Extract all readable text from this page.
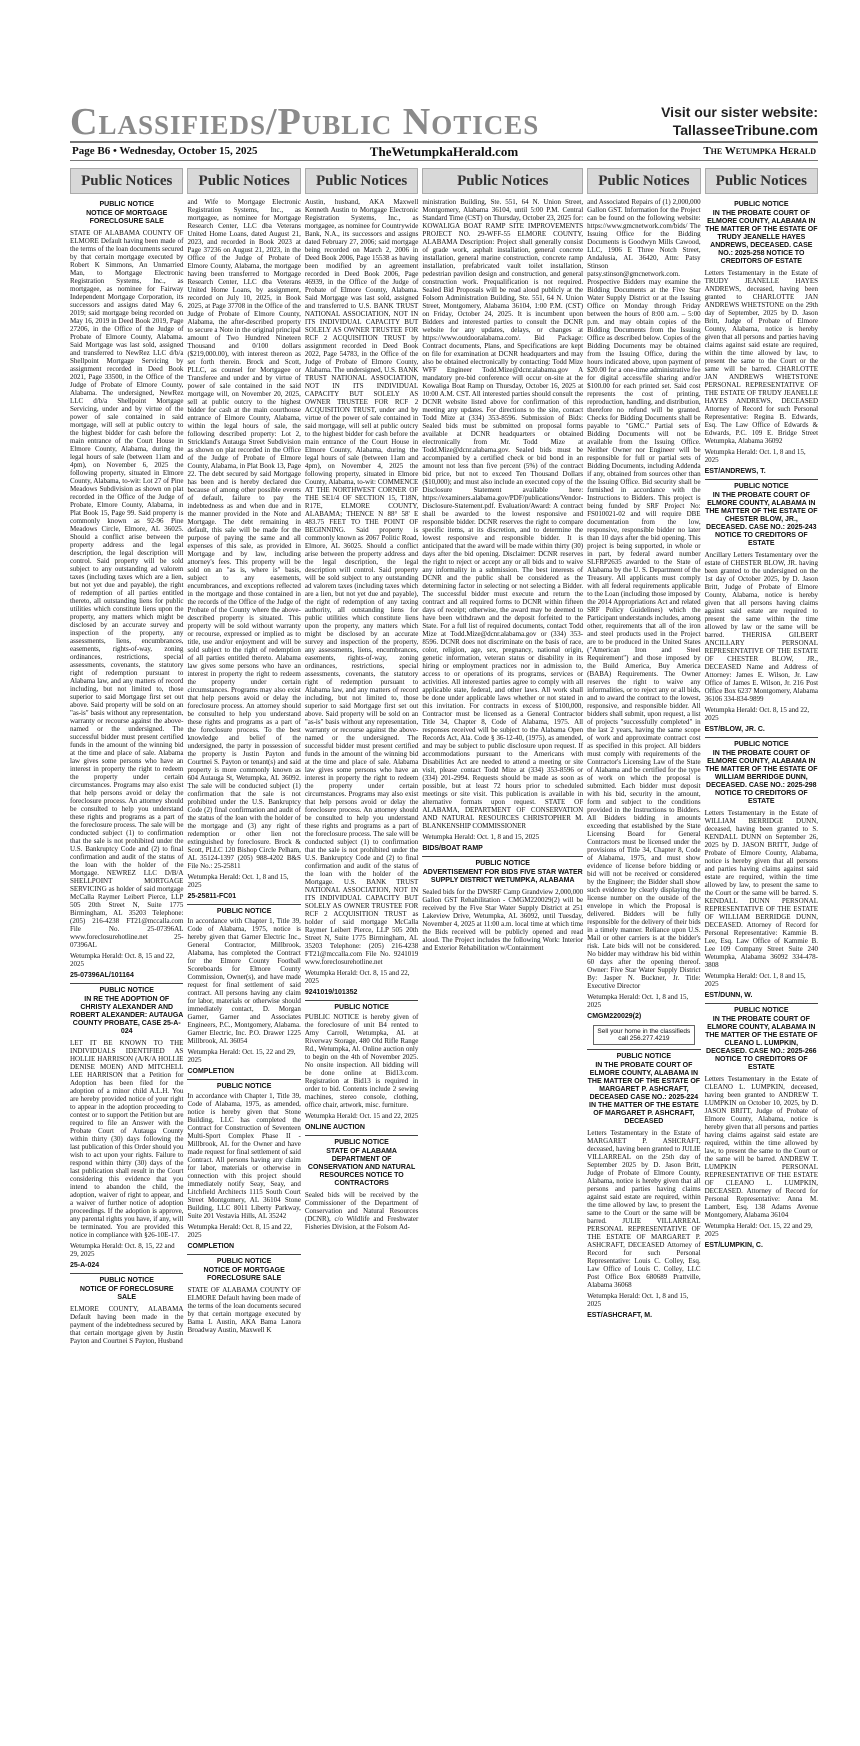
Classifieds/Public Notices	Visit our sister website:
TallasseeTribune.com
Page B6 • Wednesday, October 15, 2025	TheWetumpkaHerald.com	The Wetumpka Herald
Public Notices
PUBLIC NOTICE
NOTICE OF MORTGAGE FORECLOSURE SALE
STATE OF ALABAMA COUNTY OF ELMORE Default having been made of the terms of the loan documents secured by that certain mortgage executed by Robert K Simmons, An Unmarried Man, to Mortgage Electronic Registration Systems, Inc., as mortgagee, as nominee for Fairway Independent Mortgage Corporation, its successors and assigns dated May 6, 2019; said mortgage being recorded on May 16, 2019 in Deed Book 2019, Page 27206, in the Office of the Judge of Probate of Elmore County, Alabama. Said Mortgage was last sold, assigned and transferred to NewRez LLC d/b/a Shellpoint Mortgage Servicing by assignment recorded in Deed Book 2021, Page 33500, in the Office of the Judge of Probate of Elmore County, Alabama. The undersigned, NewRez LLC d/b/a Shellpoint Mortgage Servicing, under and by virtue of the power of sale contained in said mortgage, will sell at public outcry to the highest bidder for cash before the main entrance of the Court House in Elmore County, Alabama, during the legal hours of sale (between 11am and 4pm), on November 6, 2025 the following property, situated in Elmore County, Alabama, to-wit: Lot 27 of Pine Meadows Subdivision as shown on plat recorded in the Office of the Judge of Probate, Elmore County, Alabama, in Plat Book 15, Page 99. Said property is commonly known as 92-96 Pine Meadows Circle, Elmore, AL 36025. Should a conflict arise between the property address and the legal description, the legal description will control. Said property will be sold subject to any outstanding ad valorem taxes (including taxes which are a lien, but not yet due and payable), the right of redemption of all parties entitled thereto, all outstanding liens for public utilities which constitute liens upon the property, any matters which might be disclosed by an accurate survey and inspection of the property, any assessments, liens, encumbrances, easements, rights-of-way, zoning ordinances, restrictions, special assessments, covenants, the statutory right of redemption pursuant to Alabama law, and any matters of record including, but not limited to, those superior to said Mortgage first set out above. Said property will be sold on an "as-is" basis without any representation, warranty or recourse against the above-named or the undersigned. The successful bidder must present certified funds in the amount of the winning bid at the time and place of sale. Alabama law gives some persons who have an interest in property the right to redeem the property under certain circumstances. Programs may also exist that help persons avoid or delay the foreclosure process. An attorney should be consulted to help you understand these rights and programs as a part of the foreclosure process. The sale will be conducted subject (1) to confirmation that the sale is not prohibited under the U.S. Bankruptcy Code and (2) to final confirmation and audit of the status of the loan with the holder of the Mortgage. NEWREZ LLC D/B/A SHELLPOINT MORTGAGE SERVICING as holder of said mortgage McCalla Raymer Leibert Pierce, LLP 505 20th Street N, Suite 1775 Birmingham, AL 35203 Telephone: (205) 216-4238 FT21@mccalla.com File No. 25-07396AL www.foreclosurehotline.net 25-07396AL
Wetumpka Herald: Oct. 8, 15 and 22, 2025
25-07396AL/101164
PUBLIC NOTICE
IN RE THE ADOPTION OF CHRISTY ALEXANDER AND ROBERT ALEXANDER: AUTAUGA COUNTY PROBATE, CASE 25-A-024
LET IT BE KNOWN TO THE INDIVIDUALS IDENTIFIED AS HOLLIE HARRISON (A/K/A HOLLIE DENISE MOEN) AND MITCHELL LEE HARRISON that a Petition for Adoption has been filed for the adoption of a minor child A.L.H. You are hereby provided notice of your right to appear in the adoption proceeding to contest or to support the Petition but are required to file an Answer with the Probate Court of Autauga County within thirty (30) days following the last publication of this Order should you wish to act upon your rights. Failure to respond within thirty (30) days of the last publication shall result in the Court considering this evidence that you intend to abandon the child, the adoption, waiver of right to appear, and a waiver of further notice of adoption proceedings. If the adoption is approve, any parental rights you have, if any, will be terminated. You are provided this notice in compliance with §26-10E-17.
Wetumpka Herald: Oct. 8, 15, 22 and 29, 2025
25-A-024
PUBLIC NOTICE
NOTICE OF FORECLOSURE SALE
ELMORE COUNTY, ALABAMA Default having been made in the payment of the indebtedness secured by that certain mortgage given by Justin Payton and Courtnei S Payton, Husband
Public Notices
and Wife to Mortgage Electronic Registration Systems, Inc., as mortgagee, as nominee for Mortgage Research Center, LLC dba Veterans United Home Loans, dated August 21, 2023, and recorded in Book 2023 at Page 37236 on August 21, 2023, in the Office of the Judge of Probate of Elmore County, Alabama, the mortgage having been transferred to Mortgage Research Center, LLC dba Veterans United Home Loans, by assignment, recorded on July 10, 2025, in Book 2025, at Page 37708 in the Office of the Judge of Probate of Elmore County, Alabama, the after-described property to secure a Note in the original principal amount of Two Hundred Nineteen Thousand and 0/100 dollars ($219,000.00), with interest thereon as set forth therein. Brock and Scott, PLLC, as counsel for Mortgagee or Transferee and under and by virtue of power of sale contained in the said mortgage will, on November 20, 2025, sell at public outcry to the highest bidder for cash at the main courthouse entrance of Elmore County, Alabama, within the legal hours of sale, the following described property: Lot 2, Strickland's Autauga Street Subdivision as shown on plat recorded in the Office of the Judge of Probate of Elmore County, Alabama, in Plat Book 13, Page 22. The debt secured by said Mortgage has been and is hereby declared due because of among other possible events of default, failure to pay the indebtedness as and when due and in the manner provided in the Note and Mortgage. The debt remaining in default, this sale will be made for the purpose of paying the same and all expenses of this sale, as provided in Mortgage and by law, including attorney's fees. This property will be sold on an "as is, where is" basis, subject to any easements, encumbrances, and exceptions reflected in the mortgage and those contained in the records of the Office of the Judge of Probate of the County where the above-described property is situated. This property will be sold without warranty or recourse, expressed or implied as to title, use and/or enjoyment and will be sold subject to the right of redemption of all parties entitled thereto. Alabama law gives some persons who have an interest in property the right to redeem the property under certain circumstances. Programs may also exist that help persons avoid or delay the foreclosure process. An attorney should be consulted to help you understand these rights and programs as a part of the foreclosure process. To the best knowledge and belief of the undersigned, the party in possession of the property is Justin Payton and Courtnei S. Payton or tenant(s) and said property is more commonly known as 604 Autauga St, Wetumpka, AL 36092. The sale will be conducted subject (1) confirmation that the sale is not prohibited under the U.S. Bankruptcy Code (2) final confirmation and audit of the status of the loan with the holder of the mortgage and (3) any right of redemption or other lien not extinguished by foreclosure. Brock & Scott, PLLC 120 Bishop Circle Pelham, AL 35124-1397 (205) 988-4202 B&S File No.: 25-25811
Wetumpka Herald: Oct. 1, 8 and 15, 2025
25-25811-FC01
PUBLIC NOTICE
In accordance with Chapter 1, Title 39, Code of Alabama, 1975, notice is hereby given that Garner Electric Inc., General Contractor, Millbrook, Alabama, has completed the Contract for the Elmore County Football Scoreboards for Elmore County Commission, Owner(s), and have made request for final settlement of said contract. All persons having any claim for labor, materials or otherwise should immediately contact, D. Morgan Garner, Garner and Associates Engineers, P.C., Montgomery, Alabama. Garner Electric, Inc. P.O. Drawer 1225 Millbrook, AL 36054
Wetumpka Herald: Oct. 15, 22 and 29, 2025
COMPLETION
PUBLIC NOTICE
In accordance with Chapter 1, Title 39, Code of Alabama, 1975, as amended, notice is hereby given that Stone Building, LLC has completed the Contract for Construction of Seventeen Multi-Sport Complex Phase II - Millbrook, AL for the Owner and have made request for final settlement of said Contract. All persons having any claim for labor, materials or otherwise in connection with this project should immediately notify Seay, Seay, and Litchfield Architects 1115 South Court Street Montgomery, AL 36104 Stone Building, LLC 8011 Liberty Parkway, Suite 201 Vestavia Hills, AL 35242
Wetumpka Herald: Oct. 8, 15 and 22, 2025
COMPLETION
PUBLIC NOTICE
NOTICE OF MORTGAGE FORECLOSURE SALE
STATE OF ALABAMA COUNTY OF ELMORE Default having been made of the terms of the loan documents secured by that certain mortgage executed by Bama L Austin, AKA Bama Lanora Broadway Austin, Maxwell K
Public Notices
Austin, husband, AKA Maxwell Kenneth Austin to Mortgage Electronic Registration Systems, Inc., as mortgagee, as nominee for Countrywide Bank, N.A., its successors and assigns dated February 27, 2006; said mortgage being recorded on March 2, 2006 in Deed Book 2006, Page 15538 as having been modified by an agreement recorded in Deed Book 2006, Page 46939, in the Office of the Judge of Probate of Elmore County, Alabama. Said Mortgage was last sold, assigned and transferred to U.S. BANK TRUST NATIONAL ASSOCIATION, NOT IN ITS INDIVIDUAL CAPACITY BUT SOLELY AS OWNER TRUSTEE FOR RCF 2 ACQUISITION TRUST by assignment recorded in Deed Book 2022, Page 54783, in the Office of the Judge of Probate of Elmore County, Alabama. The undersigned, U.S. BANK TRUST NATIONAL ASSOCIATION, NOT IN ITS INDIVIDUAL CAPACITY BUT SOLELY AS OWNER TRUSTEE FOR RCF 2 ACQUISITION TRUST, under and by virtue of the power of sale contained in said mortgage, will sell at public outcry to the highest bidder for cash before the main entrance of the Court House in Elmore County, Alabama, during the legal hours of sale (between 11am and 4pm), on November 4, 2025 the following property, situated in Elmore County, Alabama, to-wit: COMMENCE AT THE NORTHWEST CORNER OF THE SE1/4 OF SECTION 15, T18N, R17E, ELMORE COUNTY, ALABAMA; THENCE N 88° 58' E 483.75 FEET TO THE POINT OF BEGINNING. Said property is commonly known as 2067 Politic Road, Elmore, AL 36025. Should a conflict arise between the property address and the legal description, the legal description will control. Said property will be sold subject to any outstanding ad valorem taxes (including taxes which are a lien, but not yet due and payable), the right of redemption of any taxing authority, all outstanding liens for public utilities which constitute liens upon the property, any matters which might be disclosed by an accurate survey and inspection of the property, any assessments, liens, encumbrances, easements, rights-of-way, zoning ordinances, restrictions, special assessments, covenants, the statutory right of redemption pursuant to Alabama law, and any matters of record including, but not limited to, those superior to said Mortgage first set out above. Said property will be sold on an "as-is" basis without any representation, warranty or recourse against the above-named or the undersigned. The successful bidder must present certified funds in the amount of the winning bid at the time and place of sale. Alabama law gives some persons who have an interest in property the right to redeem the property under certain circumstances. Programs may also exist that help persons avoid or delay the foreclosure process. An attorney should be consulted to help you understand these rights and programs as a part of the foreclosure process. The sale will be conducted subject (1) to confirmation that the sale is not prohibited under the U.S. Bankruptcy Code and (2) to final confirmation and audit of the status of the loan with the holder of the Mortgage. U.S. BANK TRUST NATIONAL ASSOCIATION, NOT IN ITS INDIVIDUAL CAPACITY BUT SOLELY AS OWNER TRUSTEE FOR RCF 2 ACQUISITION TRUST as holder of said mortgage McCalla Raymer Leibert Pierce, LLP 505 20th Street N, Suite 1775 Birmingham, AL 35203 Telephone: (205) 216-4238 FT21@mccalla.com File No. 9241019 www.foreclosurehotline.net
Wetumpka Herald: Oct. 8, 15 and 22, 2025
9241019/101352
PUBLIC NOTICE
PUBLIC NOTICE is hereby given of the foreclosure of unit B4 rented to Amy Carroll, Wetumpka, AL at Riverway Storage, 480 Old Rifle Range Rd., Wetumpka, Al. Online auction only to begin on the 4th of November 2025. No onsite inspection. All bidding will be done online at Bid13.com. Registration at Bid13 is required in order to bid. Contents include 2 sewing machines, stereo console, clothing, office chair, artwork, misc. furniture.
Wetumpka Herald: Oct. 15 and 22, 2025
ONLINE AUCTION
PUBLIC NOTICE
STATE OF ALABAMA DEPARTMENT OF CONSERVATION AND NATURAL RESOURCES NOTICE TO CONTRACTORS
Sealed bids will be received by the Commissioner of the Department of Conservation and Natural Resources (DCNR), c/o Wildlife and Freshwater Fisheries Division, at the Folsom Ad-
Public Notices
ministration Building, Ste. 551, 64 N. Union Street, Montgomery, Alabama 36104, until 5:00 P.M. Central Standard Time (CST) on Thursday, October 23, 2025 for: KOWALIGA BOAT RAMP SITE IMPROVEMENTS PROJECT NO. 29-WFF-55 ELMORE COUNTY, ALABAMA Description: Project shall generally consist of grade work, asphalt installation, general concrete installation, general marine construction, concrete ramp installation, prefabricated vault toilet installation, pedestrian pavilion design and construction, and general construction work. Prequalification is not required. Sealed Bid Proposals will be read aloud publicly at the Folsom Administration Building, Ste. 551, 64 N. Union Street, Montgomery, Alabama 36104, 1:00 P.M. (CST) on Friday, October 24, 2025. It is incumbent upon Bidders and interested parties to consult the DCNR website for any updates, delays, or changes at https://www.outdooralabama.com/. Bid Package: Contract documents, Plans, and Specifications are kept on file for examination at DCNR headquarters and may also be obtained electronically by contacting: Todd Mize WFF Engineer Todd.Mize@dcnr.alabama.gov A mandatory pre-bid conference will occur on-site at the Kowaliga Boat Ramp on Thursday, October 16, 2025 at 10:00 A.M. CST. All interested parties should consult the DCNR website listed above for confirmation of this meeting any updates. For directions to the site, contact Todd Mize at (334) 353-8596. Submission of Bids: Sealed bids must be submitted on proposal forms available at DCNR headquarters or obtained electronically from Mr. Todd Mize at Todd.Mize@dcnr.alabama.gov. Sealed bids must be accompanied by a certified check or bid bond in an amount not less than five percent (5%) of the contract bid price, but not to exceed Ten Thousand Dollars ($10,000); and must also include an executed copy of the Disclosure Statement available here: https://examiners.alabama.gov/PDF/publications/Vendor-Disclosure-Statement.pdf. Evaluation/Award: A contract shall be awarded to the lowest responsive and responsible bidder. DCNR reserves the right to compare specific items, at its discretion, and to determine the lowest responsive and responsible bidder. It is anticipated that the award will be made within thirty (30) days after the bid opening. Disclaimer: DCNR reserves the right to reject or accept any or all bids and to waive any informality in a submission. The best interests of DCNR and the public shall be considered as the determining factor in selecting or not selecting a Bidder. The successful bidder must execute and return the contract and all required forms to DCNR within fifteen days of receipt; otherwise, the award may be deemed to have been withdrawn and the deposit forfeited to the State. For a full list of required documents, contact Todd Mize at Todd.Mize@dcnr.alabama.gov or (334) 353-8596. DCNR does not discriminate on the basis of race, color, religion, age, sex, pregnancy, national origin, genetic information, veteran status or disability in its hiring or employment practices nor in admission to, access to or operations of its programs, services or activities. All interested parties agree to comply with all applicable state, federal, and other laws. All work shall be done under applicable laws whether or not stated in this invitation. For contracts in excess of $100,000, Contractor must be licensed as a General Contractor Title 34, Chapter 8, Code of Alabama, 1975. All responses received will be subject to the Alabama Open Records Act, Ala. Code § 36-12-40, (1975), as amended, and may be subject to public disclosure upon request. If accommodations pursuant to the Americans with Disabilities Act are needed to attend a meeting or site visit, please contact Todd Mize at (334) 353-8596 or (334) 201-2994. Requests should be made as soon as possible, but at least 72 hours prior to scheduled meetings or site visit. This publication is available in alternative formats upon request. STATE OF ALABAMA, DEPARTMENT OF CONSERVATION AND NATURAL RESOURCES CHRISTOPHER M. BLANKENSHIP COMMISSIONER
Wetumpka Herald: Oct. 1, 8 and 15, 2025
BIDS/BOAT RAMP
PUBLIC NOTICE
ADVERTISEMENT FOR BIDS FIVE STAR WATER SUPPLY DISTRICT WETUMPKA, ALABAMA
Sealed bids for the DWSRF Camp Grandview 2,000,000 Gallon GST Rehabilitation - CMGM220029(2) will be received by the Five Star Water Supply District at 251 Lakeview Drive, Wetumpka, AL 36092, until Tuesday, November 4, 2025 at 11:00 a.m. local time at which time the Bids received will be publicly opened and read aloud. The Project includes the following Work: Interior and Exterior Rehabilitation w/Containment
Public Notices
and Associated Repairs of (1) 2,000,000 Gallon GST. Information for the Project can be found on the following website: https://www.gmcnetwork.com/bids/ The Issuing Office for the Bidding Documents is Goodwyn Mills Cawood, LLC, 1906 E Three Notch Street, Andalusia, AL 36420, Attn: Patsy Stinson patsy.stinson@gmcnetwork.com. Prospective Bidders may examine the Bidding Documents at the Five Star Water Supply District or at the Issuing Office on Monday through Friday between the hours of 8:00 a.m. – 5:00 p.m. and may obtain copies of the Bidding Documents from the Issuing Office as described below. Copies of the Bidding Documents may be obtained from the Issuing Office, during the hours indicated above, upon payment of $20.00 for a one-time administrative fee for digital access/file sharing and/or $100.00 for each printed set. Said cost represents the cost of printing, reproduction, handling, and distribution, therefore no refund will be granted. Checks for Bidding Documents shall be payable to "GMC." Partial sets of Bidding Documents will not be available from the Issuing Office. Neither Owner nor Engineer will be responsible for full or partial sets of Bidding Documents, including Addenda if any, obtained from sources other than the Issuing Office. Bid security shall be furnished in accordance with the Instructions to Bidders. This project is being funded by SRF Project No: FS010021-02 and will require DBE documentation from the low, responsive, responsible bidder no later than 10 days after the bid opening. This project is being supported, in whole or in part, by federal award number SLFRP2635 awarded to the State of Alabama by the U. S. Department of the Treasury. All applicants must comply with all federal requirements applicable to the Loan (including those imposed by the 2014 Appropriations Act and related SRF Policy Guidelines) which the Participant understands includes, among other, requirements that all of the iron and steel products used in the Project are to be produced in the United States ("American Iron and Steel Requirement") and those imposed by the Build America, Buy America (BABA) Requirements. The Owner reserves the right to waive any informalities, or to reject any or all bids, and to award the contract to the lowest, responsive, and responsible bidder. All bidders shall submit, upon request, a list of projects "successfully completed" in the last 2 years, having the same scope of work and approximate contract cost as specified in this project. All bidders must comply with requirements of the Contractor's Licensing Law of the State of Alabama and be certified for the type of work on which the proposal is submitted. Each bidder must deposit with his bid, security in the amount, form and subject to the conditions provided in the Instructions to Bidders. All Bidders bidding in amounts exceeding that established by the State Licensing Board for General Contractors must be licensed under the provisions of Title 34, Chapter 8, Code of Alabama, 1975, and must show evidence of license before bidding or bid will not be received or considered by the Engineer; the Bidder shall show such evidence by clearly displaying the license number on the outside of the envelope in which the Proposal is delivered. Bidders will be fully responsible for the delivery of their bids in a timely manner. Reliance upon U.S. Mail or other carriers is at the bidder's risk. Late bids will not be considered. No bidder may withdraw his bid within 60 days after the opening thereof. Owner: Five Star Water Supply District By: Jasper N. Buckner, Jr. Title: Executive Director
Wetumpka Herald: Oct. 1, 8 and 15, 2025
CMGM220029(2)
Sell your home in the classifieds call 256.277.4219
PUBLIC NOTICE
IN THE PROBATE COURT OF ELMORE COUNTY, ALABAMA IN THE MATTER OF THE ESTATE OF MARGARET P. ASHCRAFT, DECEASED CASE NO.: 2025-224 IN THE MATTER OF THE ESTATE OF MARGARET P. ASHCRAFT, DECEASED
Letters Testamentary in the Estate of MARGARET P. ASHCRAFT, deceased, having been granted to JULIE VILLARREAL on the 25th day of September 2025 by D. Jason Britt, Judge of Probate of Elmore County, Alabama, notice is hereby given that all persons and parties having claims against said estate are required, within the time allowed by law, to present the same to the Court or the same will be barred. JULIE VILLARREAL PERSONAL REPRESENTATIVE OF THE ESTATE OF MARGARET P. ASHCRAFT, DECEASED Attorney of Record for such Personal Representative: Louis C. Colley, Esq. Law Office of Louis C. Colley, LLC Post Office Box 680689 Prattville, Alabama 36068
Wetumpka Herald: Oct. 1, 8 and 15, 2025
EST/ASHCRAFT, M.
Public Notices
PUBLIC NOTICE
IN THE PROBATE COURT OF ELMORE COUNTY, ALABAMA IN THE MATTER OF THE ESTATE OF TRUDY JEANELLE HAYES ANDREWS, DECEASED. CASE NO.: 2025-258 NOTICE TO CREDITORS OF ESTATE
Letters Testamentary in the Estate of TRUDY JEANELLE HAYES ANDREWS, deceased, having been granted to CHARLOTTE JAN ANDREWS WHETSTONE on the 29th day of September, 2025 by D. Jason Britt, Judge of Probate of Elmore County, Alabama, notice is hereby given that all persons and parties having claims against said estate are required, within the time allowed by law, to present the same to the Court or the same will be barred. CHARLOTTE JAN ANDREWS WHETSTONE PERSONAL REPRESENTATIVE OF THE ESTATE OF TRUDY JEANELLE HAYES ANDREWS, DECEASED Attorney of Record for such Personal Representative: Regina B. Edwards, Esq. The Law Office of Edwards & Edwards, P.C. 109 E. Bridge Street Wetumpka, Alabama 36092
Wetumpka Herald: Oct. 1, 8 and 15, 2025
EST/ANDREWS, T.
PUBLIC NOTICE
IN THE PROBATE COURT OF ELMORE COUNTY, ALABAMA IN THE MATTER OF THE ESTATE OF CHESTER BLOW, JR., DECEASED. CASE NO.: 2025-243 NOTICE TO CREDITORS OF ESTATE
Ancillary Letters Testamentary over the estate of CHESTER BLOW, JR. having been granted to the undersigned on the 1st day of October 2025, by D. Jason Britt, Judge of Probate of Elmore County, Alabama, notice is hereby given that all persons having claims against said estate are required to present the same within the time allowed by law or the same will be barred. THERISA GILBERT ANCILLARY PERSONAL REPRESENTATIVE OF THE ESTATE OF CHESTER BLOW, JR., DECEASED Name and Address of Attorney: James E. Wilson, Jr. Law Office of James E. Wilson, Jr. 216 Post Office Box 6237 Montgomery, Alabama 36106 334-834-9899
Wetumpka Herald: Oct. 8, 15 and 22, 2025
EST/BLOW, JR. C.
PUBLIC NOTICE
IN THE PROBATE COURT OF ELMORE COUNTY, ALABAMA IN THE MATTER OF THE ESTATE OF WILLIAM BERRIDGE DUNN, DECEASED. CASE NO.: 2025-298 NOTICE TO CREDITORS OF ESTATE
Letters Testamentary in the Estate of WILLIAM BERRIDGE DUNN, deceased, having been granted to S. KENDALL DUNN on September 26, 2025 by D. JASON BRITT, Judge of Probate of Elmore County, Alabama, notice is hereby given that all persons and parties having claims against said estate are required, within the time allowed by law, to present the same to the Court or the same will be barred. S. KENDALL DUNN PERSONAL REPRESENTATIVE OF THE ESTATE OF WILLIAM BERRIDGE DUNN, DECEASED. Attorney of Record for Personal Representative: Kammie B. Lee, Esq. Law Office of Kammie B. Lee 109 Company Street Suite 240 Wetumpka, Alabama 36092 334-478-3808
Wetumpka Herald: Oct. 1, 8 and 15, 2025
EST/DUNN, W.
PUBLIC NOTICE
IN THE PROBATE COURT OF ELMORE COUNTY, ALABAMA IN THE MATTER OF THE ESTATE OF CLEANO L. LUMPKIN, DECEASED. CASE NO.: 2025-266 NOTICE TO CREDITORS OF ESTATE
Letters Testamentary in the Estate of CLEANO L. LUMPKIN, deceased, having been granted to ANDREW T. LUMPKIN on October 10, 2025, by D. JASON BRITT, Judge of Probate of Elmore County, Alabama, notice is hereby given that all persons and parties having claims against said estate are required, within the time allowed by law, to present the same to the Court or the same will be barred. ANDREW T. LUMPKIN PERSONAL REPRESENTATIVE OF THE ESTATE OF CLEANO L. LUMPKIN, DECEASED. Attorney of Record for Personal Representative: Anna M. Lambert, Esq. 138 Adams Avenue Montgomery, Alabama 36104
Wetumpka Herald: Oct. 15, 22 and 29, 2025
EST/LUMPKIN, C.
